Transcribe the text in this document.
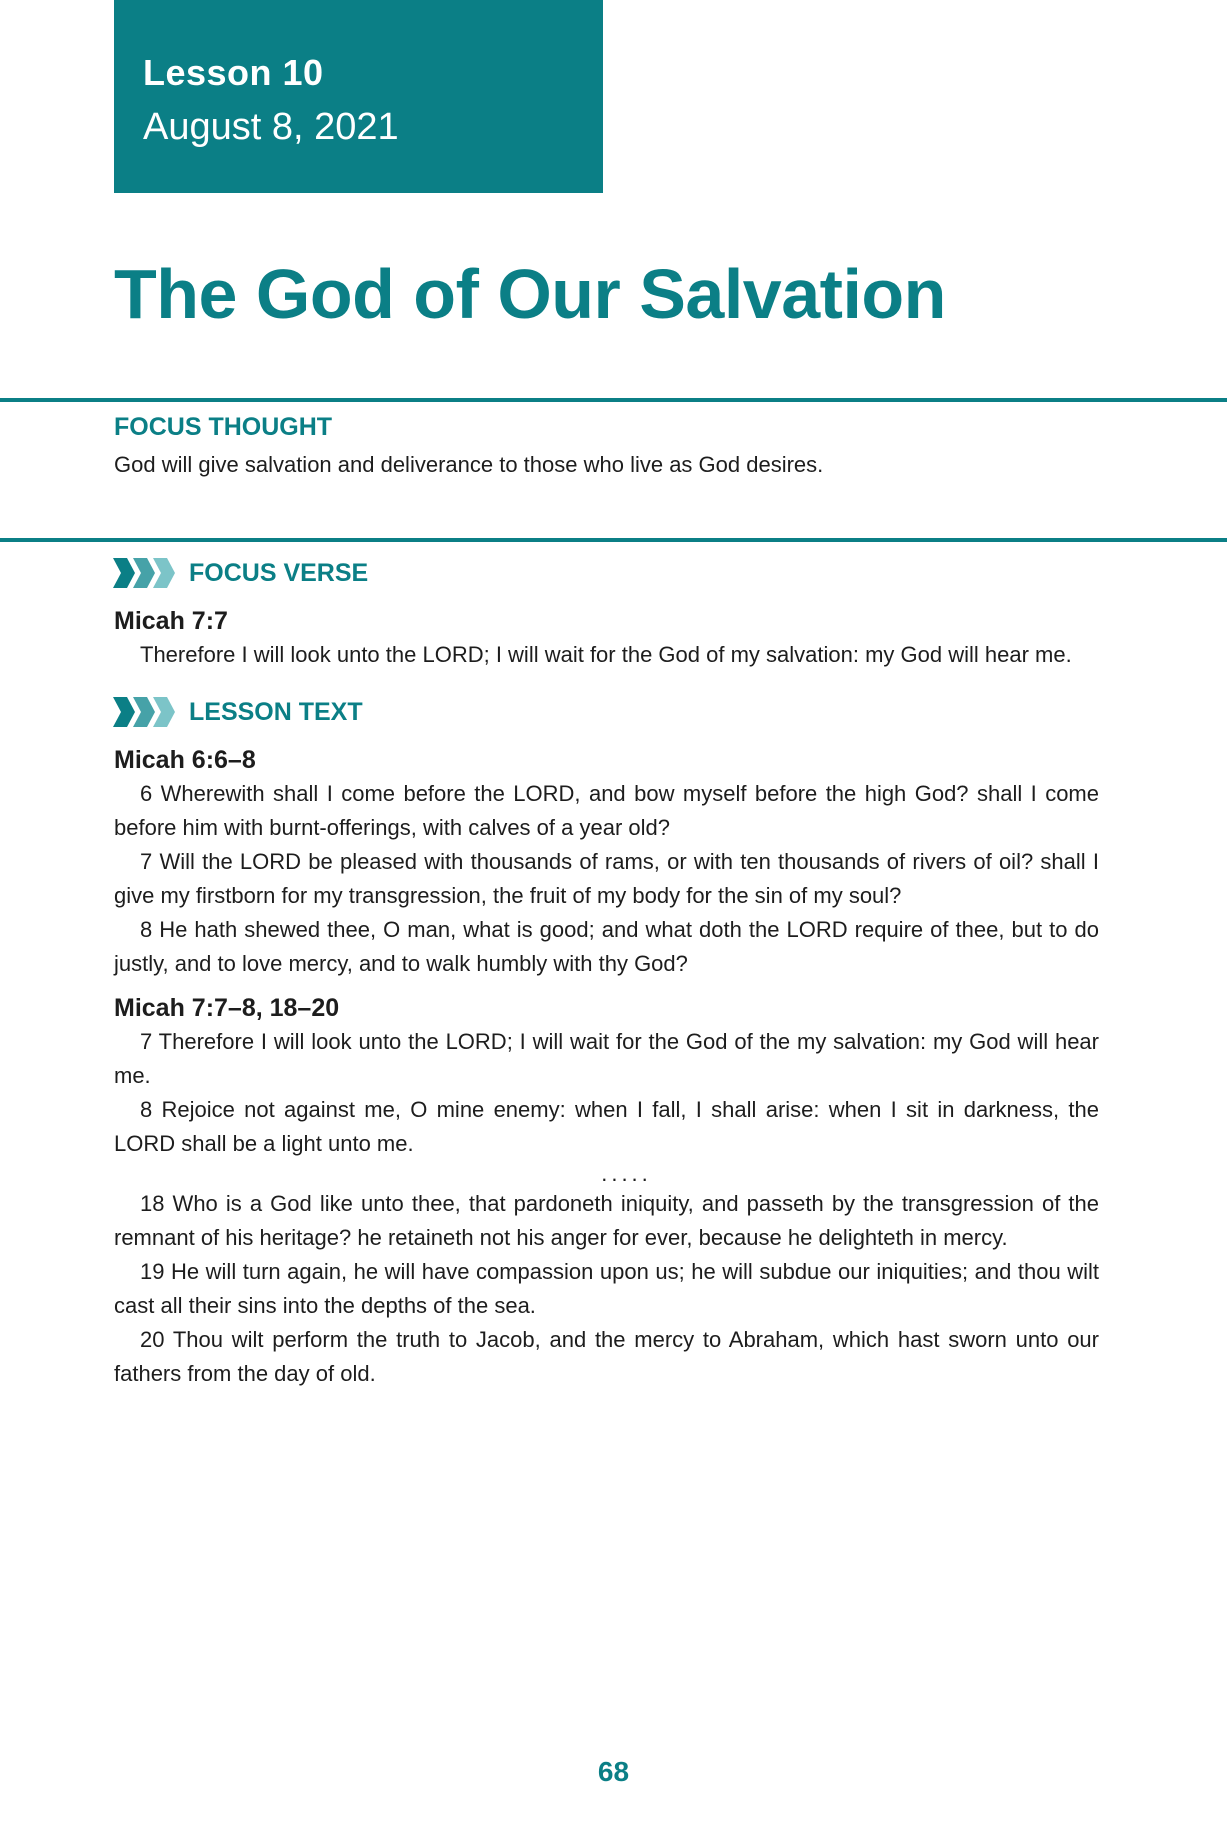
Lesson 10
August 8, 2021
The God of Our Salvation
FOCUS THOUGHT
God will give salvation and deliverance to those who live as God desires.
FOCUS VERSE
Micah 7:7
Therefore I will look unto the LORD; I will wait for the God of my salvation: my God will hear me.
LESSON TEXT
Micah 6:6–8
6 Wherewith shall I come before the LORD, and bow myself before the high God? shall I come before him with burnt-offerings, with calves of a year old?
7 Will the LORD be pleased with thousands of rams, or with ten thousands of rivers of oil? shall I give my firstborn for my transgression, the fruit of my body for the sin of my soul?
8 He hath shewed thee, O man, what is good; and what doth the LORD require of thee, but to do justly, and to love mercy, and to walk humbly with thy God?
Micah 7:7–8, 18–20
7 Therefore I will look unto the LORD; I will wait for the God of the my salvation: my God will hear me.
8 Rejoice not against me, O mine enemy: when I fall, I shall arise: when I sit in darkness, the LORD shall be a light unto me.
.....
18 Who is a God like unto thee, that pardoneth iniquity, and passeth by the transgression of the remnant of his heritage? he retaineth not his anger for ever, because he delighteth in mercy.
19 He will turn again, he will have compassion upon us; he will subdue our iniquities; and thou wilt cast all their sins into the depths of the sea.
20 Thou wilt perform the truth to Jacob, and the mercy to Abraham, which hast sworn unto our fathers from the day of old.
68
